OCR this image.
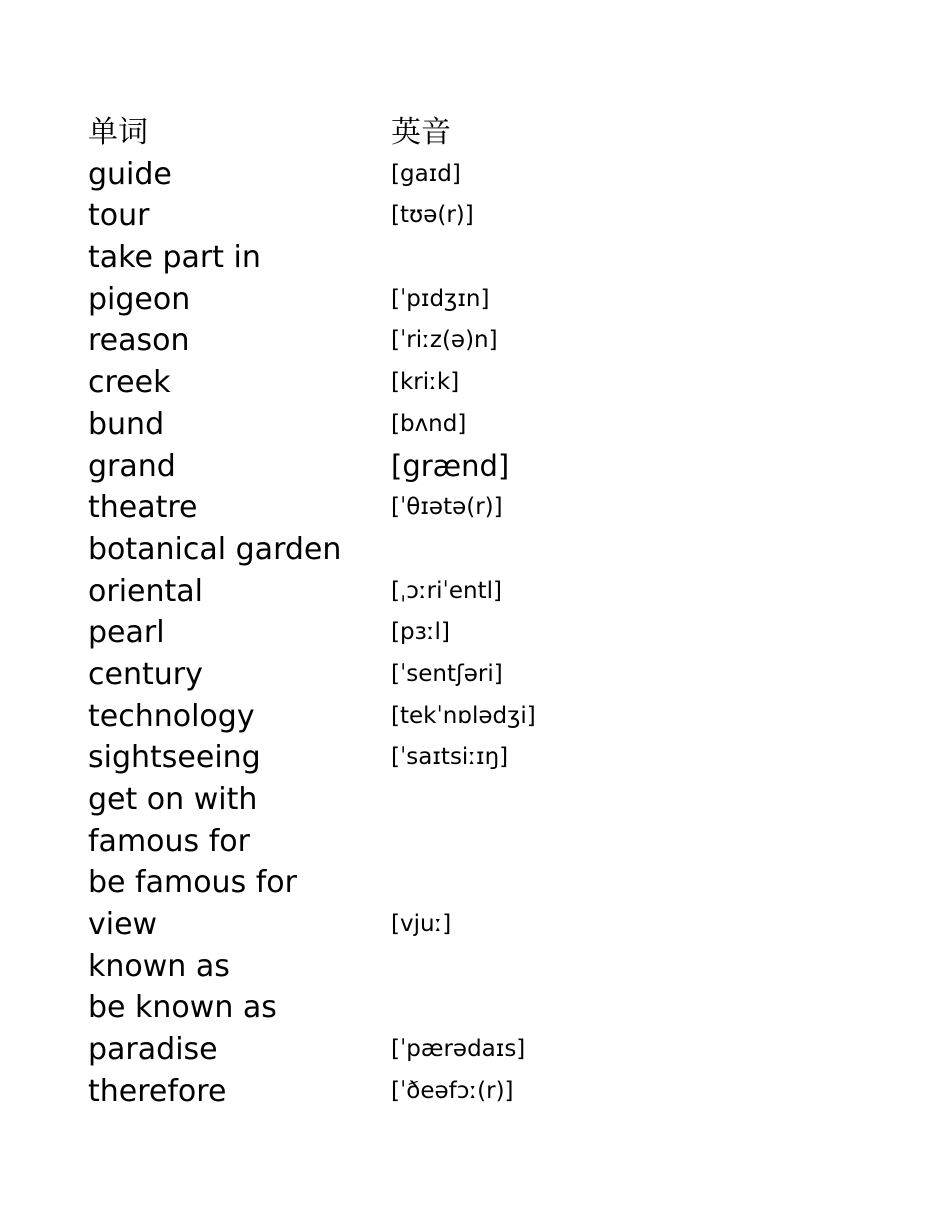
单词	英音
guide	[gaɪd]
tour	[tʊə(r)]
take part in
pigeon	[ˈpɪdʒɪn]
reason	[ˈriːz(ə)n]
creek	[kriːk]
bund	[bʌnd]
grand	[grænd]
theatre	[ˈθɪətə(r)]
botanical garden
oriental	[ˌɔːriˈentl]
pearl	[pɜːl]
century	[ˈsentʃəri]
technology	[tekˈnɒlədʒi]
sightseeing	[ˈsaɪtsiːɪŋ]
get on with
famous for
be famous for
view	[vjuː]
known as
be known as
paradise	[ˈpærədaɪs]
therefore	[ˈðeəfɔː(r)]
